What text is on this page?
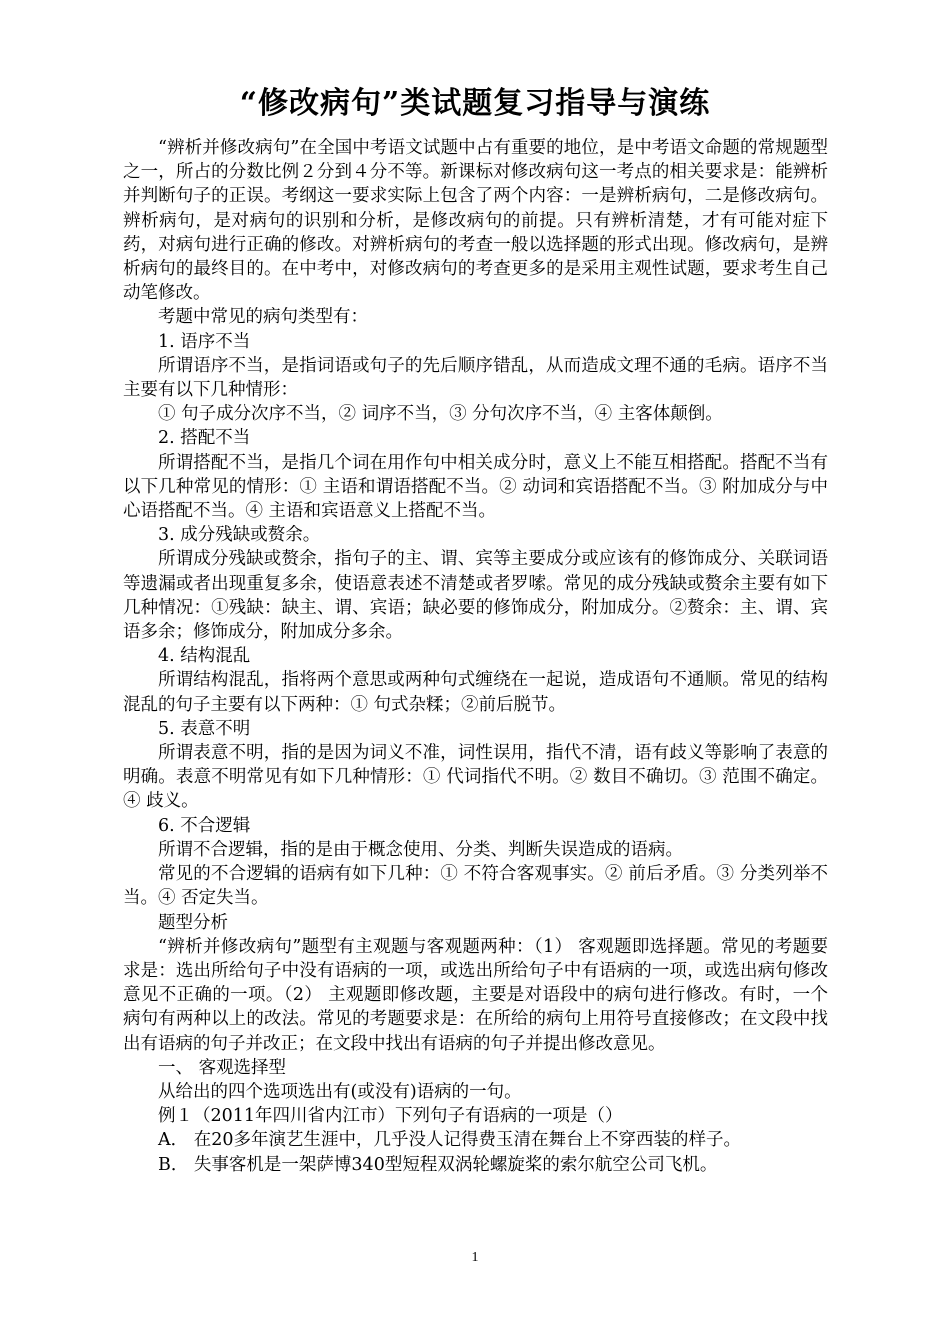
“修改病句”类试题复习指导与演练

“辨析并修改病句”在全国中考语文试题中占有重要的地位，是中考语文命题的常规题型之一，所占的分数比例２分到４分不等。新课标对修改病句这一考点的相关要求是：能辨析并判断句子的正误。考纲这一要求实际上包含了两个内容：一是辨析病句，二是修改病句。辨析病句，是对病句的识别和分析，是修改病句的前提。只有辨析清楚，才有可能对症下药，对病句进行正确的修改。对辨析病句的考查一般以选择题的形式出现。修改病句，是辨析病句的最终目的。在中考中，对修改病句的考查更多的是采用主观性试题，要求考生自己动笔修改。

考题中常见的病句类型有：

1. 语序不当

所谓语序不当，是指词语或句子的先后顺序错乱，从而造成文理不通的毛病。语序不当主要有以下几种情形：

① 句子成分次序不当，② 词序不当，③ 分句次序不当，④ 主客体颠倒。

2. 搭配不当

所谓搭配不当，是指几个词在用作句中相关成分时，意义上不能互相搭配。搭配不当有以下几种常见的情形：① 主语和谓语搭配不当。② 动词和宾语搭配不当。③ 附加成分与中心语搭配不当。④ 主语和宾语意义上搭配不当。

3. 成分残缺或赘余。

所谓成分残缺或赘余，指句子的主、谓、宾等主要成分或应该有的修饰成分、关联词语等遗漏或者出现重复多余，使语意表述不清楚或者罗嗦。常见的成分残缺或赘余主要有如下几种情况：①残缺：缺主、谓、宾语；缺必要的修饰成分，附加成分。②赘余：主、谓、宾语多余；修饰成分，附加成分多余。

4. 结构混乱

所谓结构混乱，指将两个意思或两种句式缠绕在一起说，造成语句不通顺。常见的结构混乱的句子主要有以下两种：① 句式杂糅；②前后脱节。

5. 表意不明

所谓表意不明，指的是因为词义不准，词性误用，指代不清，语有歧义等影响了表意的明确。表意不明常见有如下几种情形：① 代词指代不明。② 数目不确切。③ 范围不确定。④ 歧义。

6. 不合逻辑

所谓不合逻辑，指的是由于概念使用、分类、判断失误造成的语病。

常见的不合逻辑的语病有如下几种：① 不符合客观事实。② 前后矛盾。③ 分类列举不当。④ 否定失当。

题型分析

“辨析并修改病句”题型有主观题与客观题两种：（1） 客观题即选择题。常见的考题要求是：选出所给句子中没有语病的一项，或选出所给句子中有语病的一项，或选出病句修改意见不正确的一项。（2） 主观题即修改题，主要是对语段中的病句进行修改。有时，一个病句有两种以上的改法。常见的考题要求是：在所给的病句上用符号直接修改；在文段中找出有语病的句子并改正；在文段中找出有语病的句子并提出修改意见。

一、 客观选择型

从给出的四个选项选出有(或没有)语病的一句。

例１（2011年四川省内江市）下列句子有语病的一项是（）

A． 在20多年演艺生涯中，几乎没人记得费玉清在舞台上不穿西装的样子。

B． 失事客机是一架萨博340型短程双涡轮螺旋桨的索尔航空公司飞机。

1
